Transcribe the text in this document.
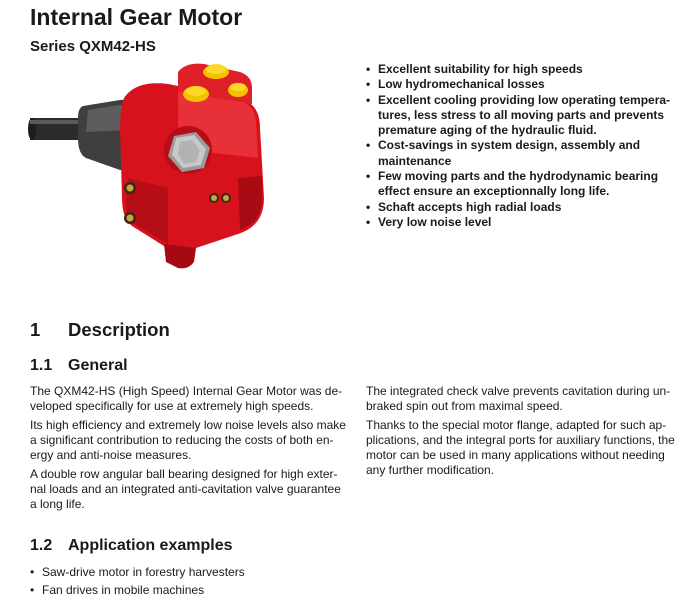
Internal Gear Motor
Series QXM42-HS
• Excellent suitability for high speeds
• Low hydromechanical losses
• Excellent cooling providing low operating tempera-
tures, less stress to all moving parts and prevents
premature aging of the hydraulic fluid.
• Cost-savings in system design, assembly and
maintenance
• Few moving parts and the hydrodynamic bearing
effect ensure an exceptionnally long life.
• Schaft accepts high radial loads
• Very low noise level
1 Description
1.1 General

The QXM42-HS (High Speed) Internal Gear Motor was de-
veloped specifically for use at extremely high speeds.

Its high efficiency and extremely low noise levels also make
a significant contribution to reducing the costs of both en-
ergy and anti-noise measures.

A double row angular ball bearing designed for high exter-
nal loads and an integrated anti-cavitation valve guarantee
a long life.

The integrated check valve prevents cavitation during un-
braked spin out from maximal speed.

Thanks to the special motor flange, adapted for such ap-
plications, and the integral ports for auxiliary functions, the
motor can be used in many applications without needing
any further modification.

1.2 Application examples
• Saw-drive motor in forestry harvesters
• Fan drives in mobile machines
